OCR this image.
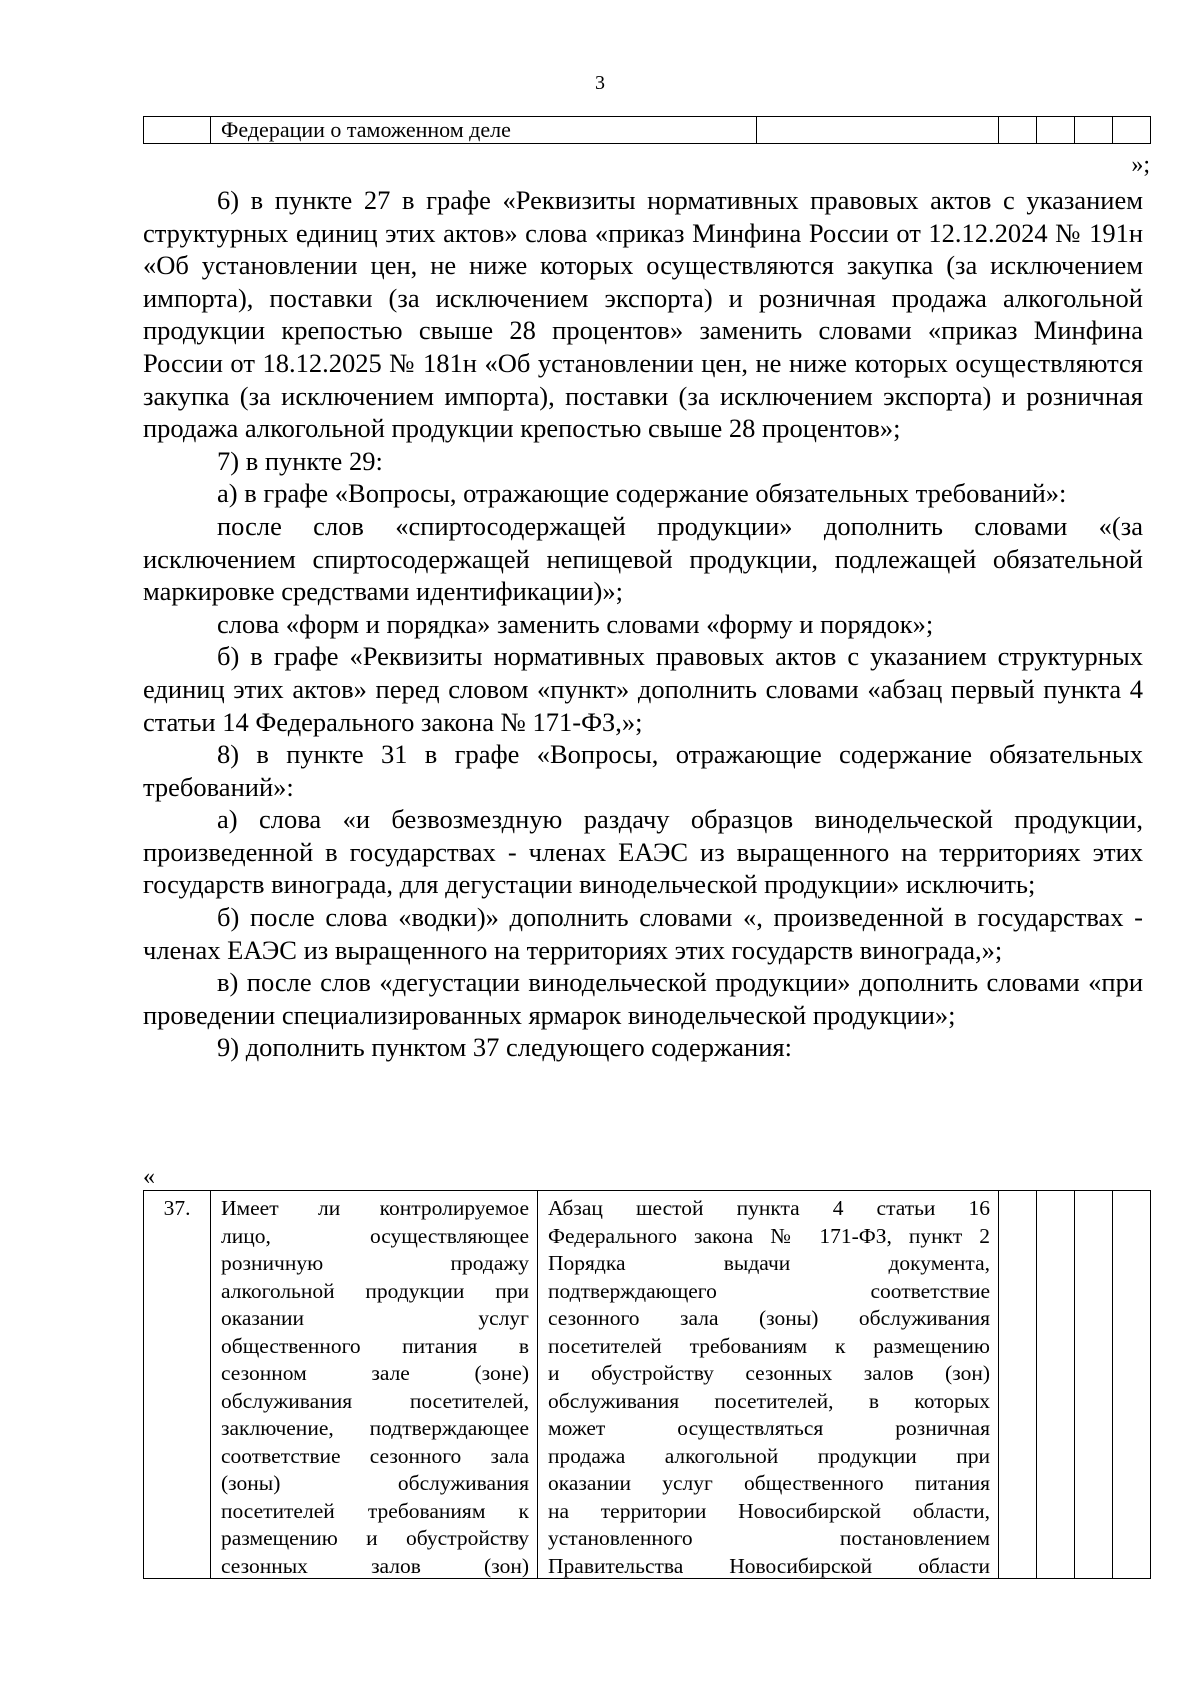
3
	Федерации о таможенном деле					
»;

6) в пункте 27 в графе «Реквизиты нормативных правовых актов с указанием структурных единиц этих актов» слова «приказ Минфина России от 12.12.2024 № 191н «Об установлении цен, не ниже которых осуществляются закупка (за исключением импорта), поставки (за исключением экспорта) и розничная продажа алкогольной продукции крепостью свыше 28 процентов» заменить словами «приказ Минфина России от 18.12.2025 № 181н «Об установлении цен, не ниже которых осуществляются закупка (за исключением импорта), поставки (за исключением экспорта) и розничная продажа алкогольной продукции крепостью свыше 28 процентов»;

7) в пункте 29:

а) в графе «Вопросы, отражающие содержание обязательных требований»:

после слов «спиртосодержащей продукции» дополнить словами «(за исключением спиртосодержащей непищевой продукции, подлежащей обязательной маркировке средствами идентификации)»;

слова «форм и порядка» заменить словами «форму и порядок»;

б) в графе «Реквизиты нормативных правовых актов с указанием структурных единиц этих актов» перед словом «пункт» дополнить словами «абзац первый пункта 4 статьи 14 Федерального закона № 171-ФЗ,»;

8) в пункте 31 в графе «Вопросы, отражающие содержание обязательных требований»:

а) слова «и безвозмездную раздачу образцов винодельческой продукции, произведенной в государствах - членах ЕАЭС из выращенного на территориях этих государств винограда, для дегустации винодельческой продукции» исключить;

б) после слова «водки)» дополнить словами «, произведенной в государствах - членах ЕАЭС из выращенного на территориях этих государств винограда,»;

в) после слов «дегустации винодельческой продукции» дополнить словами «при проведении специализированных ярмарок винодельческой продукции»;

9) дополнить пунктом 37 следующего содержания:

«
37.	Имеет ли контролируемое
лицо, осуществляющее
розничную продажу
алкогольной продукции при
оказании услуг
общественного питания в
сезонном зале (зоне)
обслуживания посетителей,
заключение, подтверждающее
соответствие сезонного зала
(зоны) обслуживания
посетителей требованиям к
размещению и обустройству
сезонных залов (зон)

Абзац шестой пункта 4 статьи 16
Федерального закона № 171-ФЗ, пункт 2
Порядка выдачи документа,
подтверждающего соответствие
сезонного зала (зоны) обслуживания
посетителей требованиям к размещению
и обустройству сезонных залов (зон)
обслуживания посетителей, в которых
может осуществляться розничная
продажа алкогольной продукции при
оказании услуг общественного питания
на территории Новосибирской области,
установленного постановлением
Правительства Новосибирской области
